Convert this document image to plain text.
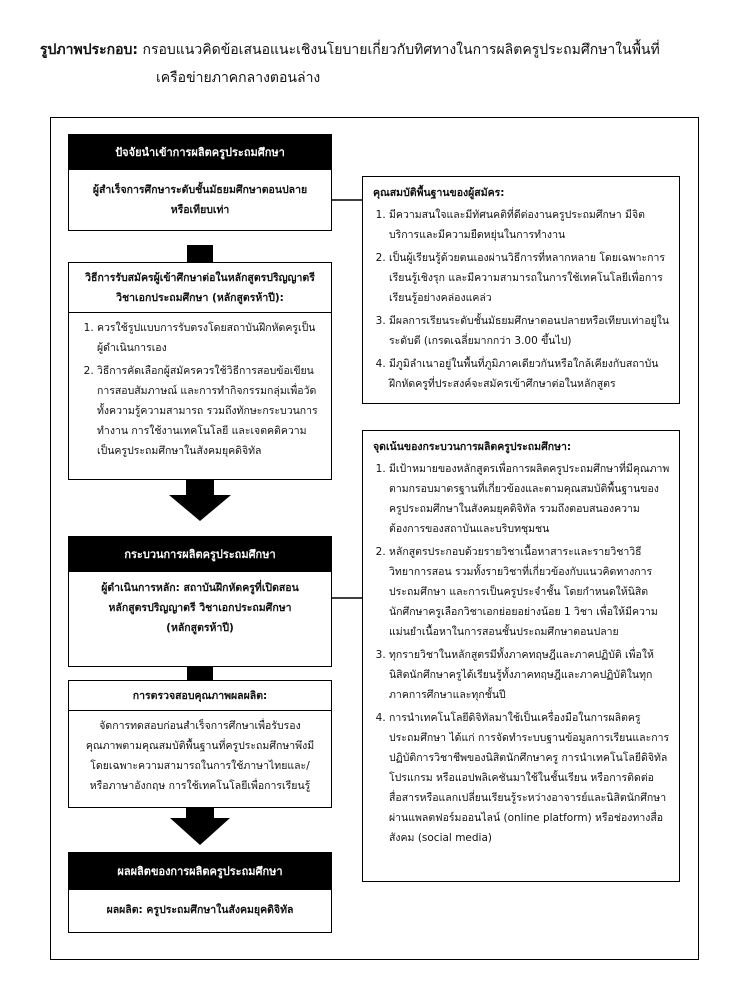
รูปภาพประกอบ: กรอบแนวคิดข้อเสนอแนะเชิงนโยบายเกี่ยวกับทิศทางในการผลิตครูประถมศึกษาในพื้นที่
เครือข่ายภาคกลางตอนล่าง
ปัจจัยนำเข้าการผลิตครูประถมศึกษา
ผู้สำเร็จการศึกษาระดับชั้นมัธยมศึกษาตอนปลาย หรือเทียบเท่า
วิธีการรับสมัครผู้เข้าศึกษาต่อในหลักสูตรปริญญาตรี วิชาเอกประถมศึกษา (หลักสูตรห้าปี):
1. ควรใช้รูปแบบการรับตรงโดยสถาบันฝึกหัดครูเป็นผู้ดำเนินการเอง
2. วิธีการคัดเลือกผู้สมัครควรใช้วิธีการสอบข้อเขียน การสอบสัมภาษณ์ และการทำกิจกรรมกลุ่มเพื่อวัดทั้งความรู้ความสามารถ รวมถึงทักษะกระบวนการทำงาน การใช้งานเทคโนโลยี และเจตคติความเป็นครูประถมศึกษาในสังคมยุคดิจิทัล
กระบวนการผลิตครูประถมศึกษา
ผู้ดำเนินการหลัก: สถาบันฝึกหัดครูที่เปิดสอน หลักสูตรปริญญาตรี วิชาเอกประถมศึกษา (หลักสูตรห้าปี)
การตรวจสอบคุณภาพผลผลิต:
จัดการทดสอบก่อนสำเร็จการศึกษาเพื่อรับรองคุณภาพตามคุณสมบัติพื้นฐานที่ครูประถมศึกษาพึงมี โดยเฉพาะความสามารถในการใช้ภาษาไทยและ/หรือภาษาอังกฤษ การใช้เทคโนโลยีเพื่อการเรียนรู้
ผลผลิตของการผลิตครูประถมศึกษา
ผลผลิต: ครูประถมศึกษาในสังคมยุคดิจิทัล
คุณสมบัติพื้นฐานของผู้สมัคร:
1. มีความสนใจและมีทัศนคติที่ดีต่องานครูประถมศึกษา มีจิตบริการและมีความยืดหยุ่นในการทำงาน
2. เป็นผู้เรียนรู้ด้วยตนเองผ่านวิธีการที่หลากหลาย โดยเฉพาะการเรียนรู้เชิงรุก และมีความสามารถในการใช้เทคโนโลยีเพื่อการเรียนรู้อย่างคล่องแคล่ว
3. มีผลการเรียนระดับชั้นมัธยมศึกษาตอนปลายหรือเทียบเท่าอยู่ในระดับดี (เกรดเฉลี่ยมากกว่า 3.00 ขึ้นไป)
4. มีภูมิลำเนาอยู่ในพื้นที่ภูมิภาคเดียวกันหรือใกล้เคียงกับสถาบันฝึกหัดครูที่ประสงค์จะสมัครเข้าศึกษาต่อในหลักสูตร
จุดเน้นของกระบวนการผลิตครูประถมศึกษา:
1. มีเป้าหมายของหลักสูตรเพื่อการผลิตครูประถมศึกษาที่มีคุณภาพตามกรอบมาตรฐานที่เกี่ยวข้องและตามคุณสมบัติพื้นฐานของครูประถมศึกษาในสังคมยุคดิจิทัล รวมถึงตอบสนองความต้องการของสถาบันและบริบทชุมชน
2. หลักสูตรประกอบด้วยรายวิชาเนื้อหาสาระและรายวิชาวิธีวิทยาการสอน รวมทั้งรายวิชาที่เกี่ยวข้องกับแนวคิดทางการประถมศึกษา และการเป็นครูประจำชั้น โดยกำหนดให้นิสิตนักศึกษาครูเลือกวิชาเอกย่อยอย่างน้อย 1 วิชา เพื่อให้มีความแม่นยำเนื้อหาในการสอนชั้นประถมศึกษาตอนปลาย
3. ทุกรายวิชาในหลักสูตรมีทั้งภาคทฤษฎีและภาคปฏิบัติ เพื่อให้นิสิตนักศึกษาครูได้เรียนรู้ทั้งภาคทฤษฎีและภาคปฏิบัติในทุกภาคการศึกษาและทุกชั้นปี
4. การนำเทคโนโลยีดิจิทัลมาใช้เป็นเครื่องมือในการผลิตครูประถมศึกษา ได้แก่ การจัดทำระบบฐานข้อมูลการเรียนและการปฏิบัติการวิชาชีพของนิสิตนักศึกษาครู การนำเทคโนโลยีดิจิทัล โปรแกรม หรือแอปพลิเคชันมาใช้ในชั้นเรียน หรือการติดต่อสื่อสารหรือแลกเปลี่ยนเรียนรู้ระหว่างอาจารย์และนิสิตนักศึกษาผ่านแพลตฟอร์มออนไลน์ (online platform) หรือช่องทางสื่อสังคม (social media)
